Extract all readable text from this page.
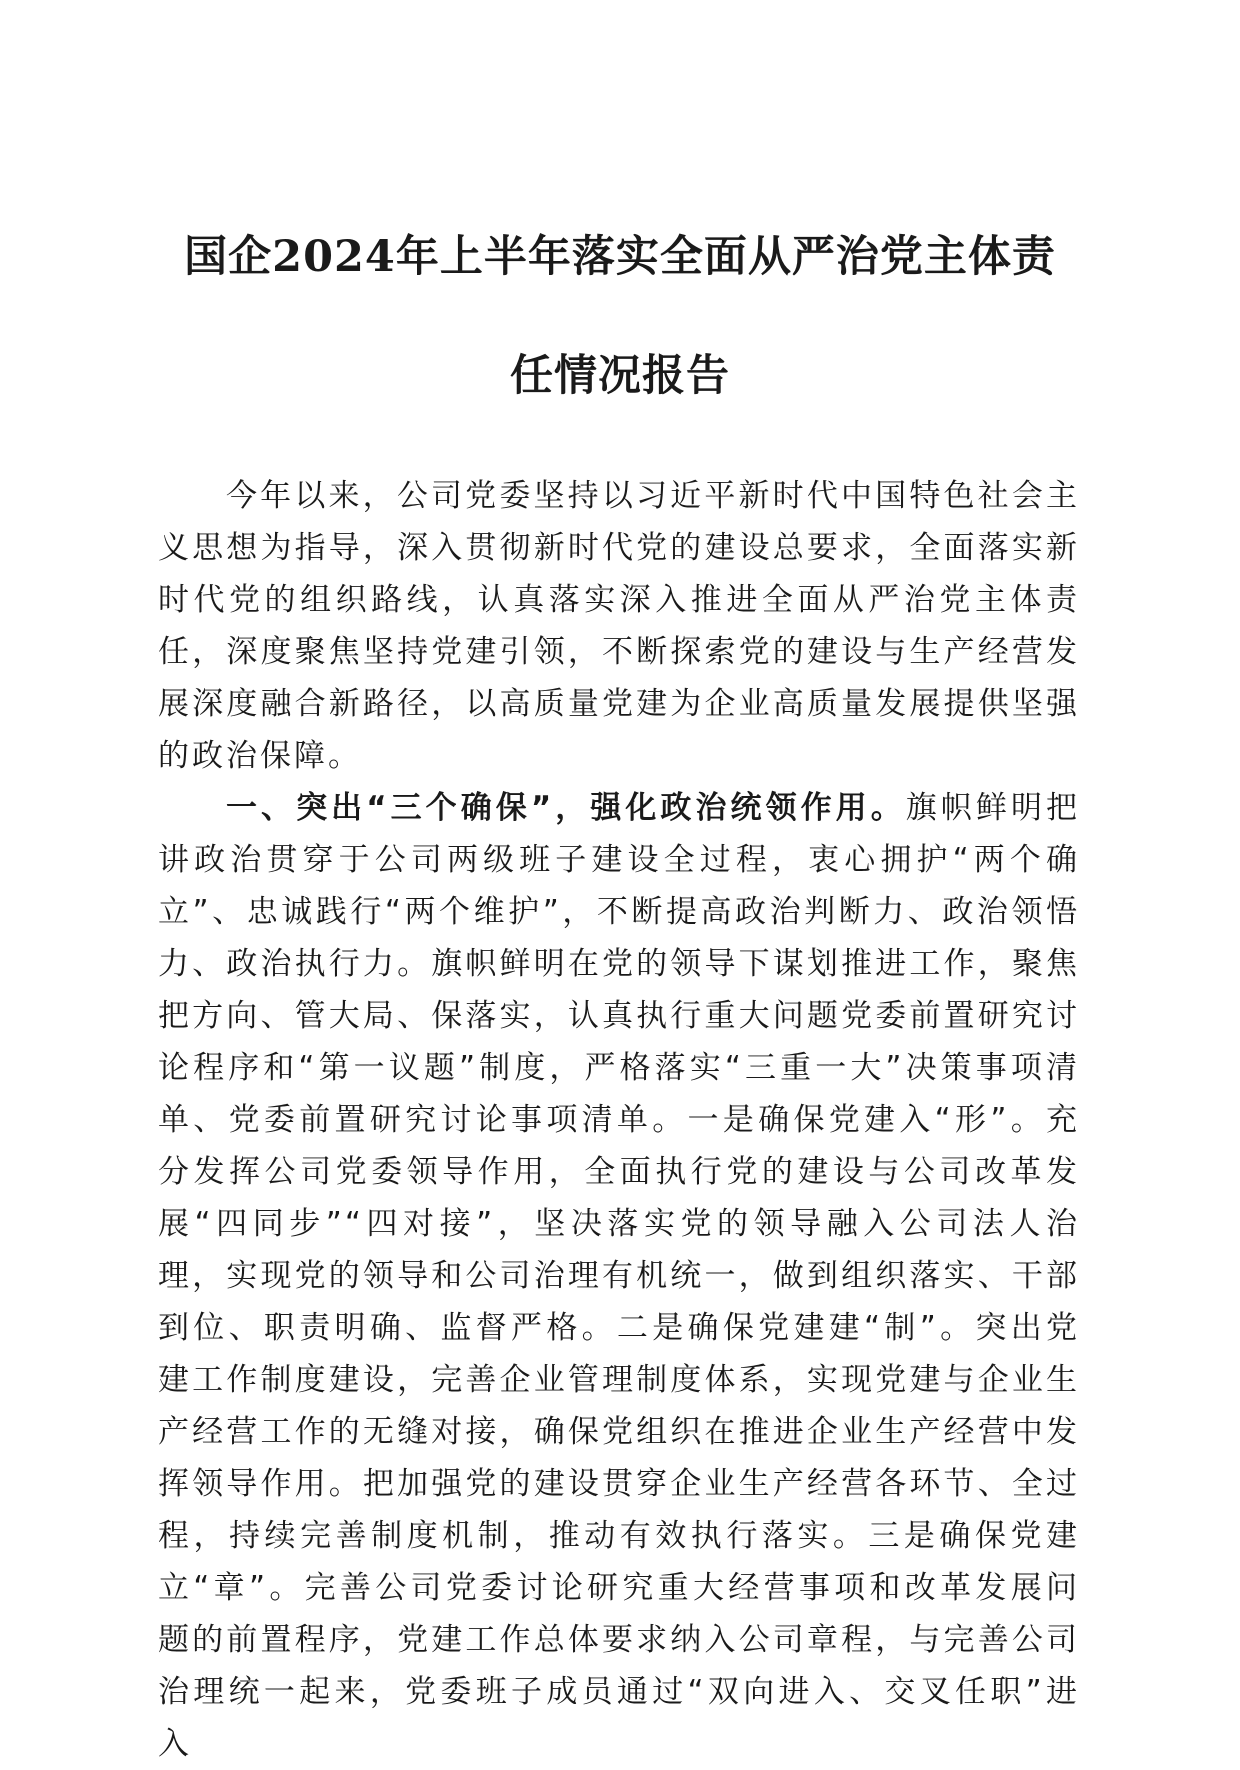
国企2024年上半年落实全面从严治党主体责
任情况报告

今年以来，公司党委坚持以习近平新时代中国特色社会主义思想为指导，深入贯彻新时代党的建设总要求，全面落实新时代党的组织路线，认真落实深入推进全面从严治党主体责任，深度聚焦坚持党建引领，不断探索党的建设与生产经营发展深度融合新路径，以高质量党建为企业高质量发展提供坚强的政治保障。

一、突出“三个确保”，强化政治统领作用。旗帜鲜明把讲政治贯穿于公司两级班子建设全过程，衷心拥护“两个确立”、忠诚践行“两个维护”，不断提高政治判断力、政治领悟力、政治执行力。旗帜鲜明在党的领导下谋划推进工作，聚焦把方向、管大局、保落实，认真执行重大问题党委前置研究讨论程序和“第一议题”制度，严格落实“三重一大”决策事项清单、党委前置研究讨论事项清单。一是确保党建入“形”。充分发挥公司党委领导作用，全面执行党的建设与公司改革发展“四同步”“四对接”，坚决落实党的领导融入公司法人治理，实现党的领导和公司治理有机统一，做到组织落实、干部到位、职责明确、监督严格。二是确保党建建“制”。突出党建工作制度建设，完善企业管理制度体系，实现党建与企业生产经营工作的无缝对接，确保党组织在推进企业生产经营中发挥领导作用。把加强党的建设贯穿企业生产经营各环节、全过程，持续完善制度机制，推动有效执行落实。三是确保党建立“章”。完善公司党委讨论研究重大经营事项和改革发展问题的前置程序，党建工作总体要求纳入公司章程，与完善公司治理统一起来，党委班子成员通过“双向进入、交叉任职”进入
